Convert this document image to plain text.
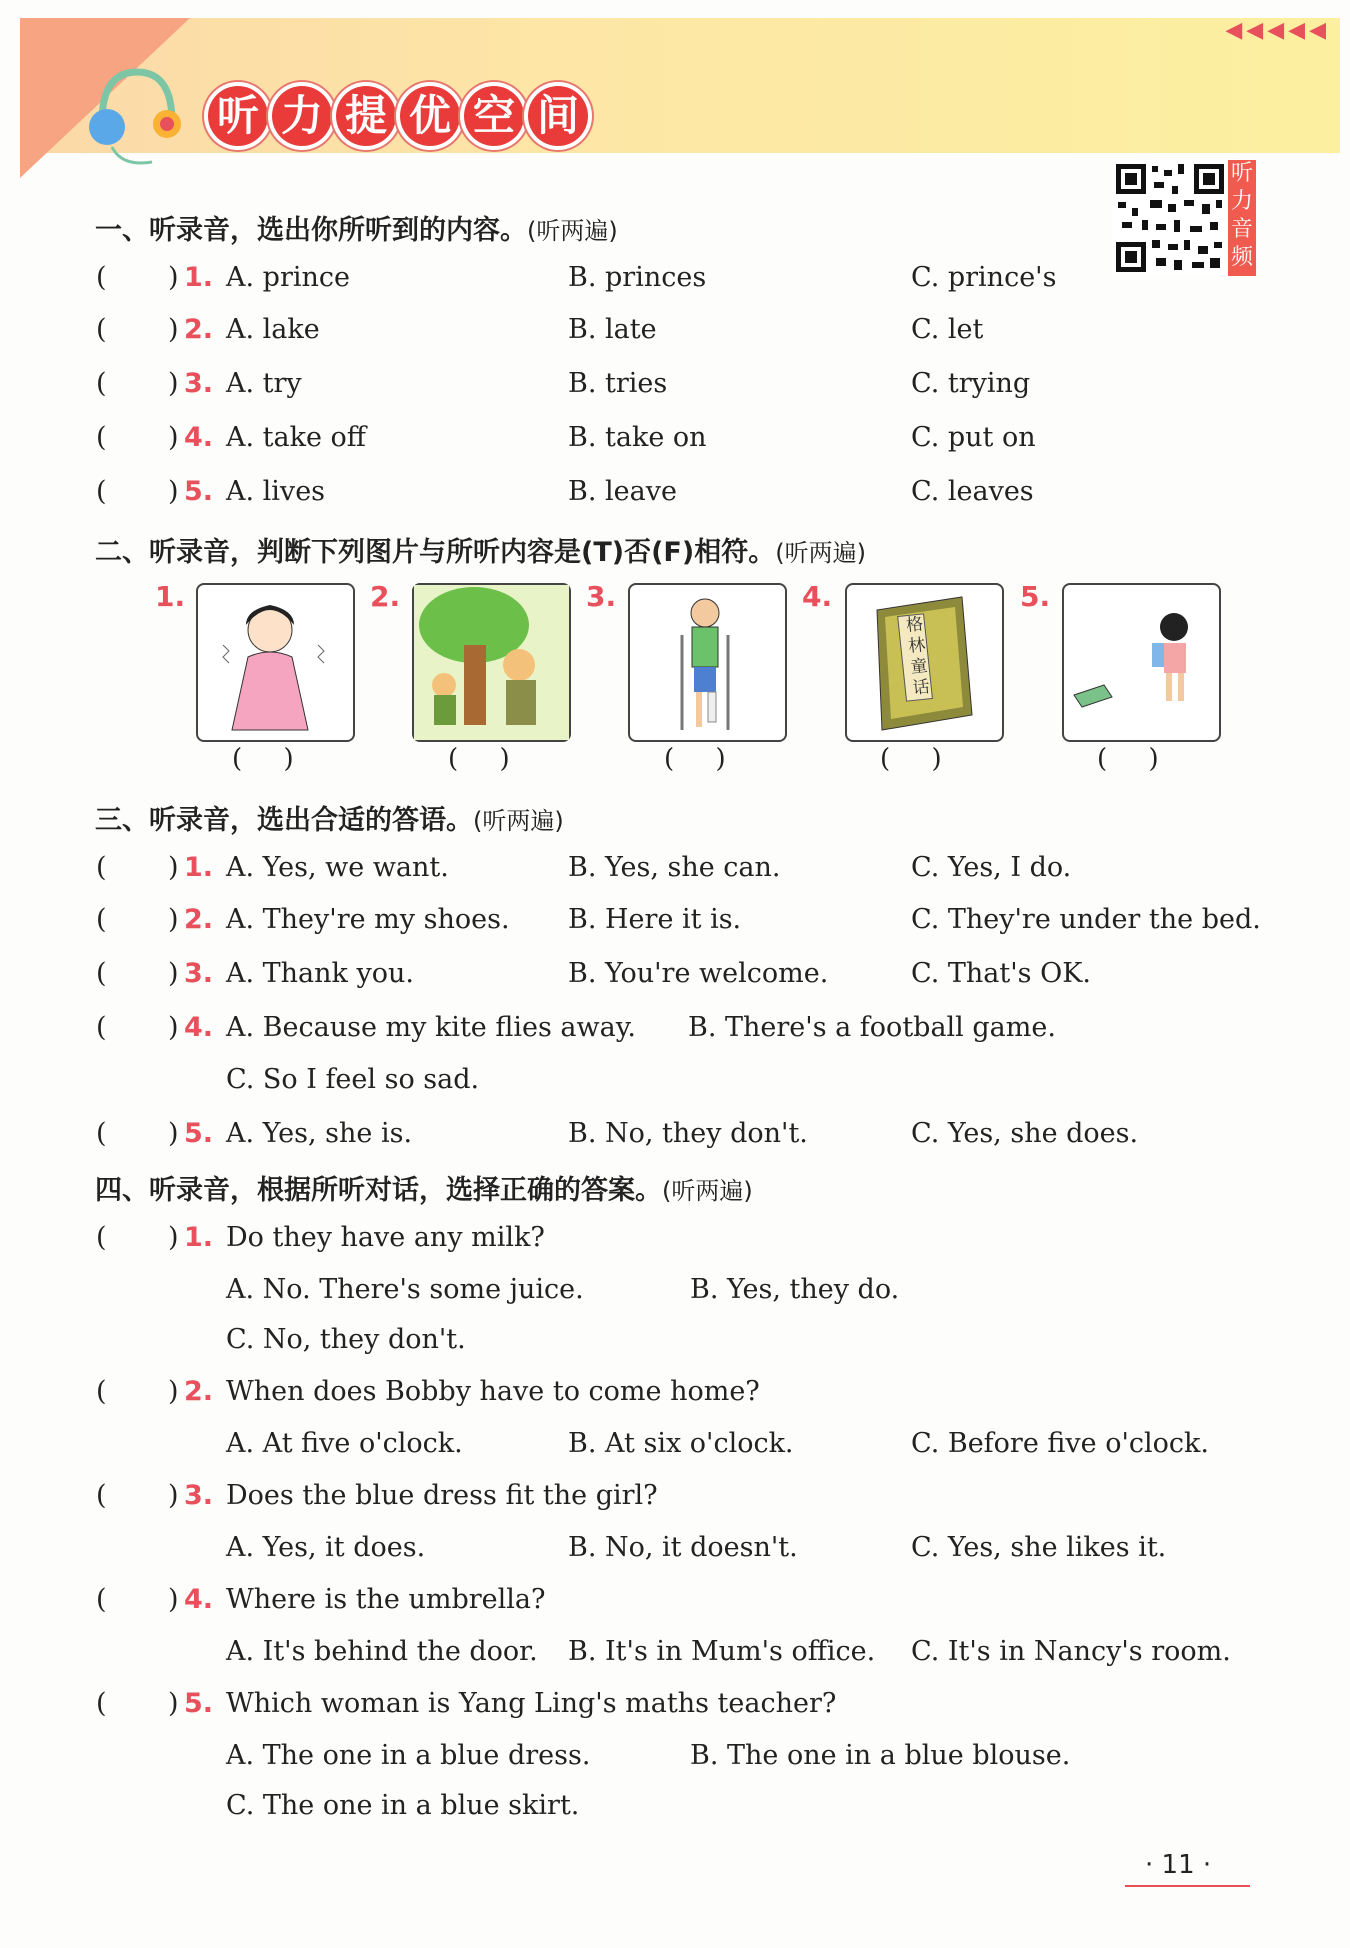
◀◀◀◀◀
听 力 提 优 空 间
听
力
音
频
一、听录音，选出你所听到的内容。(听两遍)
( ) 1. A. prince	B. princes	C. prince's
( ) 2. A. lake	B. late	C. let
( ) 3. A. try	B. tries	C. trying
( ) 4. A. take off	B. take on	C. put on
( ) 5. A. lives	B. leave	C. leaves
二、听录音，判断下列图片与所听内容是(T)否(F)相符。(听两遍)
1.
(     )
2.
(     )
3.
(     )
4.
格林童话
(     )
5.
(     )
三、听录音，选出合适的答语。(听两遍)
( ) 1. A. Yes, we want.	B. Yes, she can.	C. Yes, I do.
( ) 2. A. They're my shoes. B. Here it is.	C. They're under the bed.
( ) 3. A. Thank you.	B. You're welcome.	C. That's OK.
( ) 4. A. Because my kite flies away. B. There's a football game.
C. So I feel so sad.
( ) 5. A. Yes, she is.	B. No, they don't.	C. Yes, she does.
四、听录音，根据所听对话，选择正确的答案。(听两遍)
( ) 1. Do they have any milk?
A. No. There's some juice.	B. Yes, they do.
C. No, they don't.
( ) 2. When does Bobby have to come home?
A. At five o'clock.	B. At six o'clock.	C. Before five o'clock.
( ) 3. Does the blue dress fit the girl?
A. Yes, it does.	B. No, it doesn't.	C. Yes, she likes it.
( ) 4. Where is the umbrella?
A. It's behind the door. B. It's in Mum's office. C. It's in Nancy's room.
( ) 5. Which woman is Yang Ling's maths teacher?
A. The one in a blue dress.	B. The one in a blue blouse.
C. The one in a blue skirt.
· 11 ·
